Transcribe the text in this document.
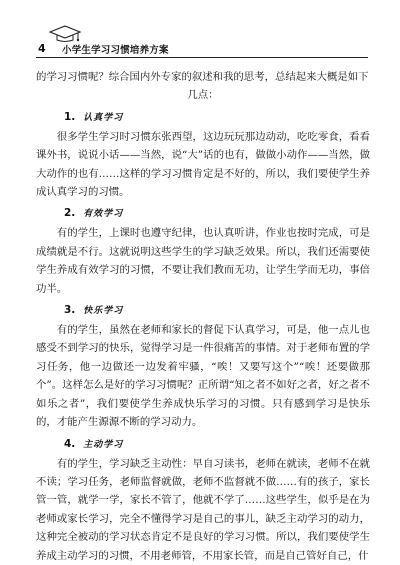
4 小学生学习习惯培养方案

的学习习惯呢？综合国内外专家的叙述和我的思考，总结起来大概是如下

几点：

1. 认真学习

很多学生学习时习惯东张西望，这边玩玩那边动动，吃吃零食，看看课外书，说说小话——当然，说“大”话的也有，做做小动作——当然，做大动作的也有……这样的学习习惯肯定是不好的，所以，我们要使学生养成认真学习的习惯。

2. 有效学习

有的学生，上课时也遵守纪律，也认真听讲，作业也按时完成，可是成绩就是不行。这就说明这些学生的学习缺乏效果。所以，我们还需要使学生养成有效学习的习惯，不要让我们教而无功，让学生学而无功，事倍功半。

3. 快乐学习

有的学生，虽然在老师和家长的督促下认真学习，可是，他一点儿也感受不到学习的快乐，觉得学习是一件很痛苦的事情。对于老师布置的学习任务，他一边做还一边发着牢骚，“唉！又要写这个”“唉！还要做那个”。这样怎么是好的学习习惯呢？正所谓“知之者不如好之者，好之者不如乐之者”，我们要使学生养成快乐学习的习惯。只有感到学习是快乐的，才能产生源源不断的学习动力。

4. 主动学习

有的学生，学习缺乏主动性：早自习读书，老师在就读，老师不在就不读；学习任务，老师监督就做，老师不监督就不做……有的孩子，家长管一管，就学一学，家长不管了，他就不学了……这些学生，似乎是在为老师或家长学习，完全不懂得学习是自己的事儿，缺乏主动学习的动力，这种完全被动的学习状态肯定不是良好的学习习惯。所以，我们要使学生养成主动学习的习惯，不用老师管，不用家长管，而是自己管好自己，什
